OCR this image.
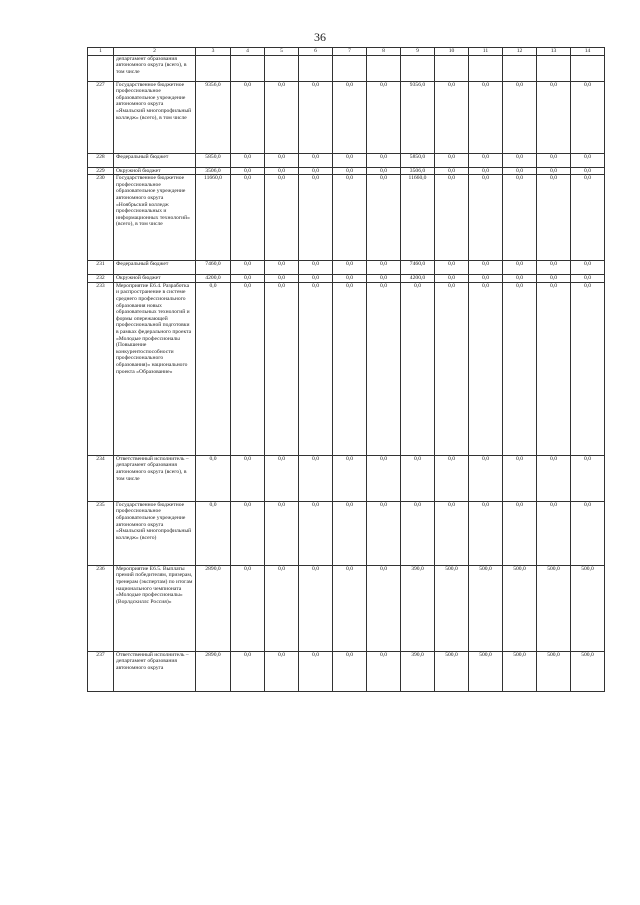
36
1	2	3	4	5	6	7	8	9	10	11	12	13	14
	департамент образования автономного округа (всего), в том числе												
227	Государственное бюджетное профессиональное образовательное учреждение автономного округа «Ямальский многопрофильный колледж» (всего), в том числе	9356,0	0,0	0,0	0,0	0,0	0,0	9356,0	0,0	0,0	0,0	0,0	0,0
228	Федеральный бюджет	5850,0	0,0	0,0	0,0	0,0	0,0	5850,0	0,0	0,0	0,0	0,0	0,0
229	Окружной бюджет	3506,0	0,0	0,0	0,0	0,0	0,0	3506,0	0,0	0,0	0,0	0,0	0,0
230	Государственное бюджетное профессиональное образовательное учреждение автономного округа «Ноябрьский колледж профессиональных и информационных технологий» (всего), в том числе	11660,0	0,0	0,0	0,0	0,0	0,0	11660,0	0,0	0,0	0,0	0,0	0,0
231	Федеральный бюджет	7460,0	0,0	0,0	0,0	0,0	0,0	7460,0	0,0	0,0	0,0	0,0	0,0
232	Окружной бюджет	4200,0	0,0	0,0	0,0	0,0	0,0	4200,0	0,0	0,0	0,0	0,0	0,0
233	Мероприятие Е6.4. Разработка и распространение в системе среднего профессионального образования новых образовательных технологий и формы опережающей профессиональной подготовки в рамках федерального проекта «Молодые профессионалы (Повышение конкурентоспособности профессионального образования)» национального проекта «Образование»	0,0	0,0	0,0	0,0	0,0	0,0	0,0	0,0	0,0	0,0	0,0	0,0
234	Ответственный исполнитель – департамент образования автономного округа (всего), в том числе	0,0	0,0	0,0	0,0	0,0	0,0	0,0	0,0	0,0	0,0	0,0	0,0
235	Государственное бюджетное профессиональное образовательное учреждение автономного округа «Ямальский многопрофильный колледж» (всего)	0,0	0,0	0,0	0,0	0,0	0,0	0,0	0,0	0,0	0,0	0,0	0,0
236	Мероприятие Е6.5. Выплаты премий победителям, призерам, тренерам (экспертам) по итогам национального чемпионата «Молодые профессионалы» (Ворлдскиллс Россия)»	2890,0	0,0	0,0	0,0	0,0	0,0	390,0	500,0	500,0	500,0	500,0	500,0
237	Ответственный исполнитель – департамент образования автономного округа	2890,0	0,0	0,0	0,0	0,0	0,0	390,0	500,0	500,0	500,0	500,0	500,0
